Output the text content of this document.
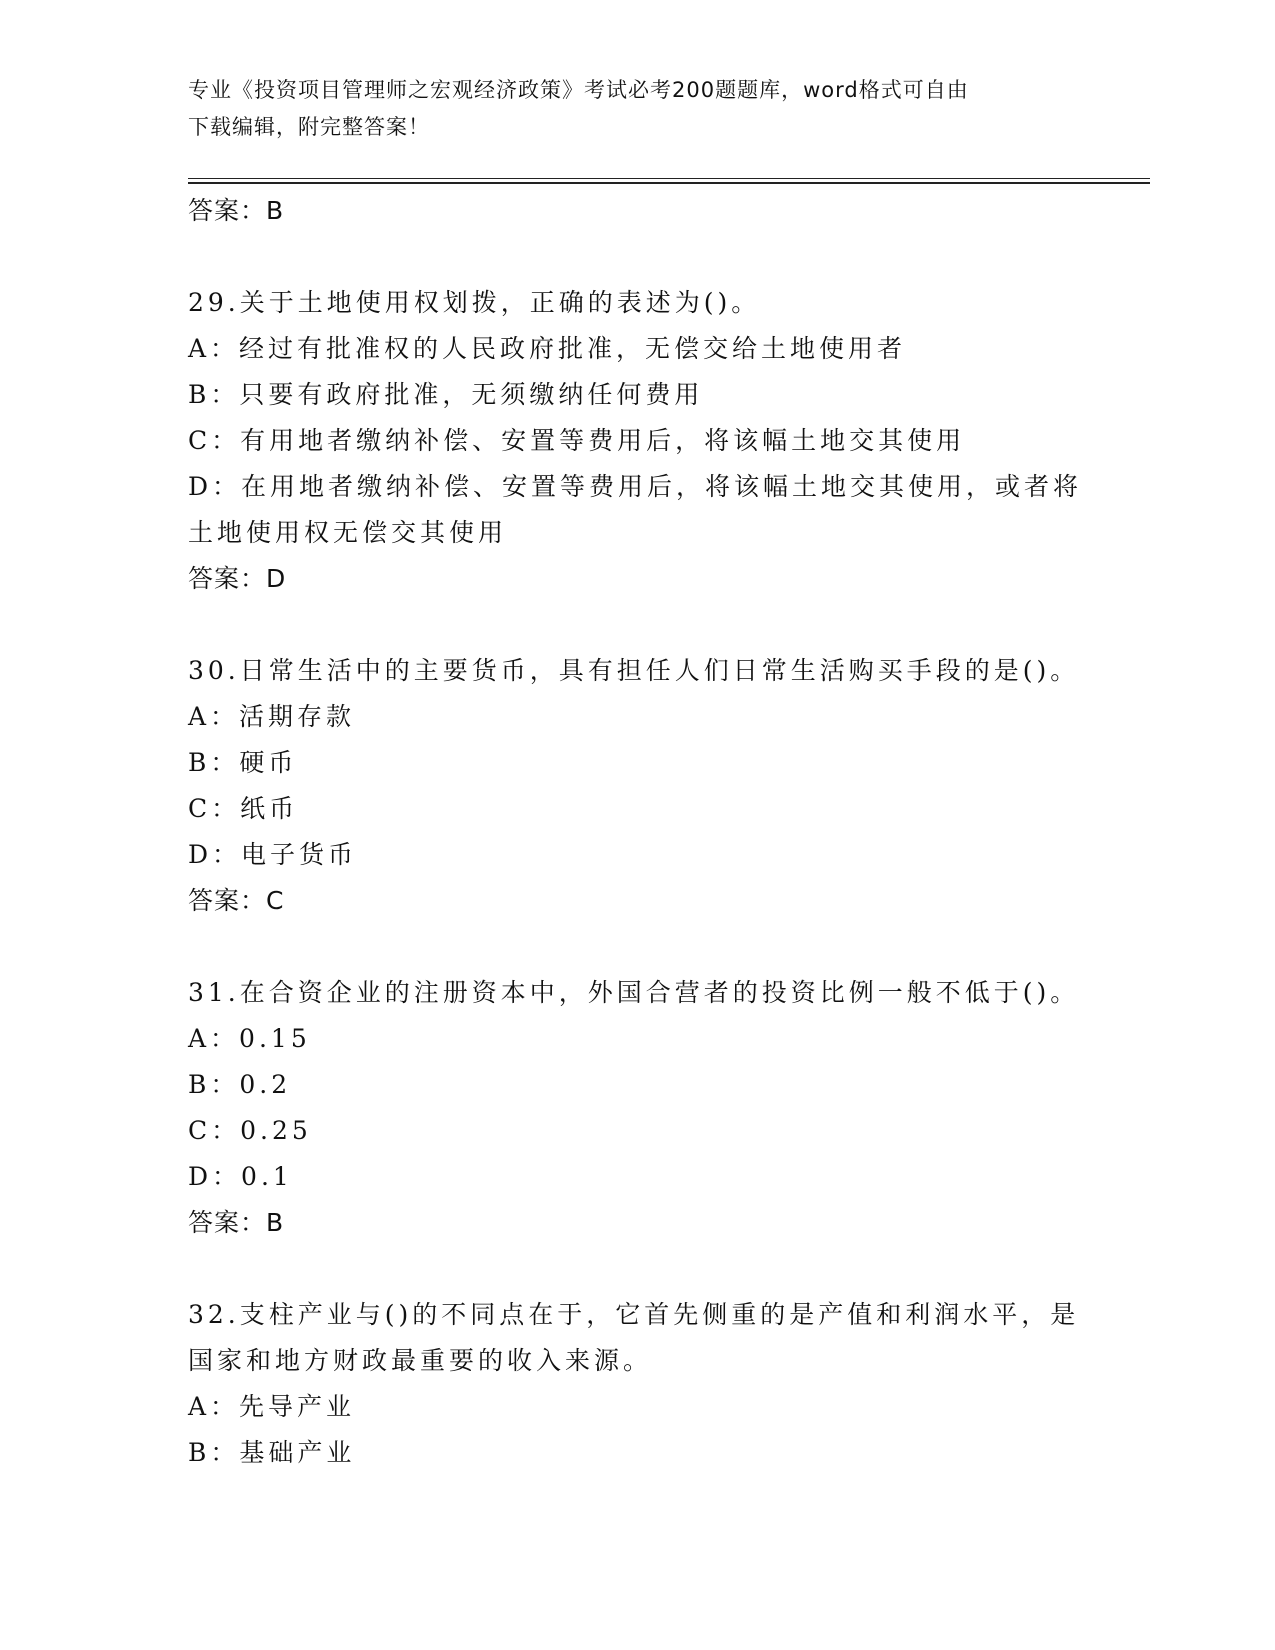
专业《投资项目管理师之宏观经济政策》考试必考200题题库，word格式可自由
下载编辑，附完整答案！
答案：B
29.关于土地使用权划拨，正确的表述为()。
A：经过有批准权的人民政府批准，无偿交给土地使用者
B：只要有政府批准，无须缴纳任何费用
C：有用地者缴纳补偿、安置等费用后，将该幅土地交其使用
D：在用地者缴纳补偿、安置等费用后，将该幅土地交其使用，或者将
土地使用权无偿交其使用
答案：D
30.日常生活中的主要货币，具有担任人们日常生活购买手段的是()。
A：活期存款
B：硬币
C：纸币
D：电子货币
答案：C
31.在合资企业的注册资本中，外国合营者的投资比例一般不低于()。
A：0.15
B：0.2
C：0.25
D：0.1
答案：B
32.支柱产业与()的不同点在于，它首先侧重的是产值和利润水平，是
国家和地方财政最重要的收入来源。
A：先导产业
B：基础产业
